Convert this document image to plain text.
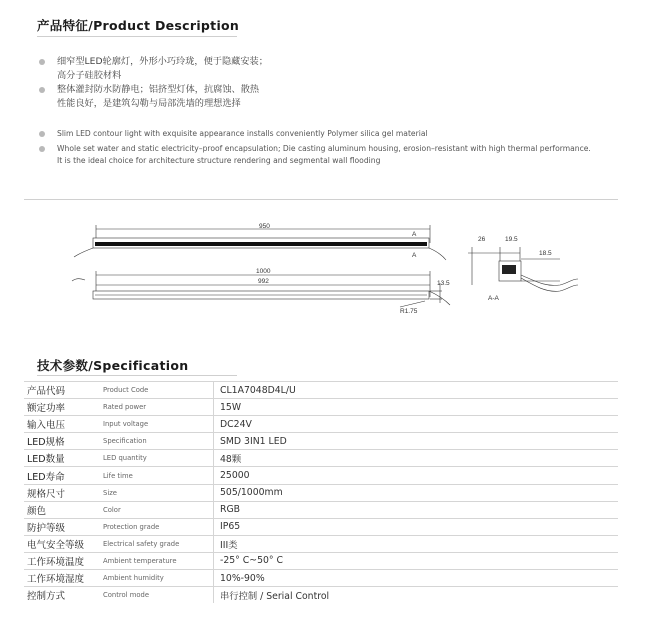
产品特征/Product Description
细窄型LED轮廓灯，外形小巧玲珑，便于隐藏安装；
高分子硅胶材料
整体灌封防水防静电；铝挤型灯体，抗腐蚀、散热
性能良好，是建筑勾勒与局部洗墙的理想选择
Slim LED contour light with exquisite appearance installs conveniently Polymer silica gel material
Whole set water and static electricity–proof encapsulation; Die casting aluminum housing, erosion–resistant with high thermal performance.
It is the ideal choice for architecture structure rendering and segmental wall flooding
950
A
A
1000
992	13.5
R1.75
26	19.5
18.5
A-A
技术参数/Specification
产品代码	Product Code	CL1A7048D4L/U
额定功率	Rated power	15W
输入电压	Input voltage	DC24V
LED规格	Specification	SMD 3IN1 LED
LED数量	LED quantity	48颗
LED寿命	Life time	25000
规格尺寸	Size	505/1000mm
颜色	Color	RGB
防护等级	Protection grade	IP65
电气安全等级	Electrical safety grade	III类
工作环境温度	Ambient temperature	-25° C~50° C
工作环境湿度	Ambient humidity	10%-90%
控制方式	Control mode	串行控制 / Serial Control
